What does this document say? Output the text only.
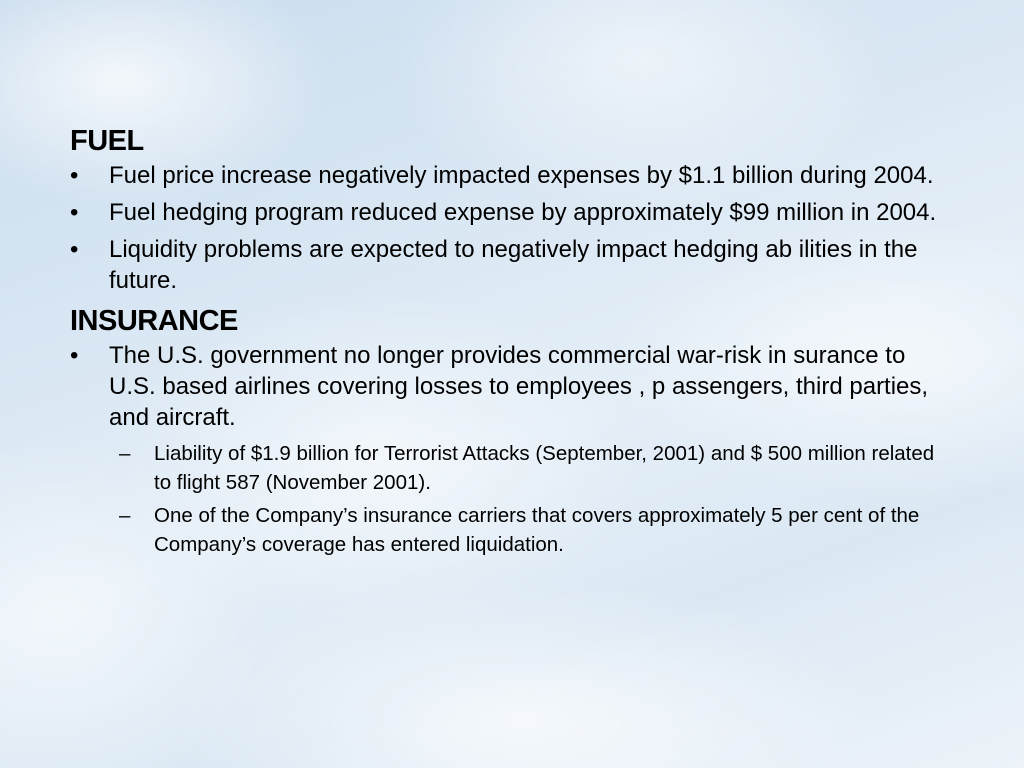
FUEL
• Fuel price increase negatively impacted expenses by $1.1 billion during 2004.
• Fuel hedging program reduced expense by approximately $99 million in 2004.
• Liquidity problems are expected to negatively impact hedging ab ilities in the future.
INSURANCE
• The U.S. government no longer provides commercial war-risk in surance to U.S. based airlines covering losses to employees , p assengers, third parties, and aircraft.
– Liability of $1.9 billion for Terrorist Attacks (September, 2001) and $ 500 million related to flight 587 (November 2001).
– One of the Company’s insurance carriers that covers approximately 5 per cent of the Company’s coverage has entered liquidation.
